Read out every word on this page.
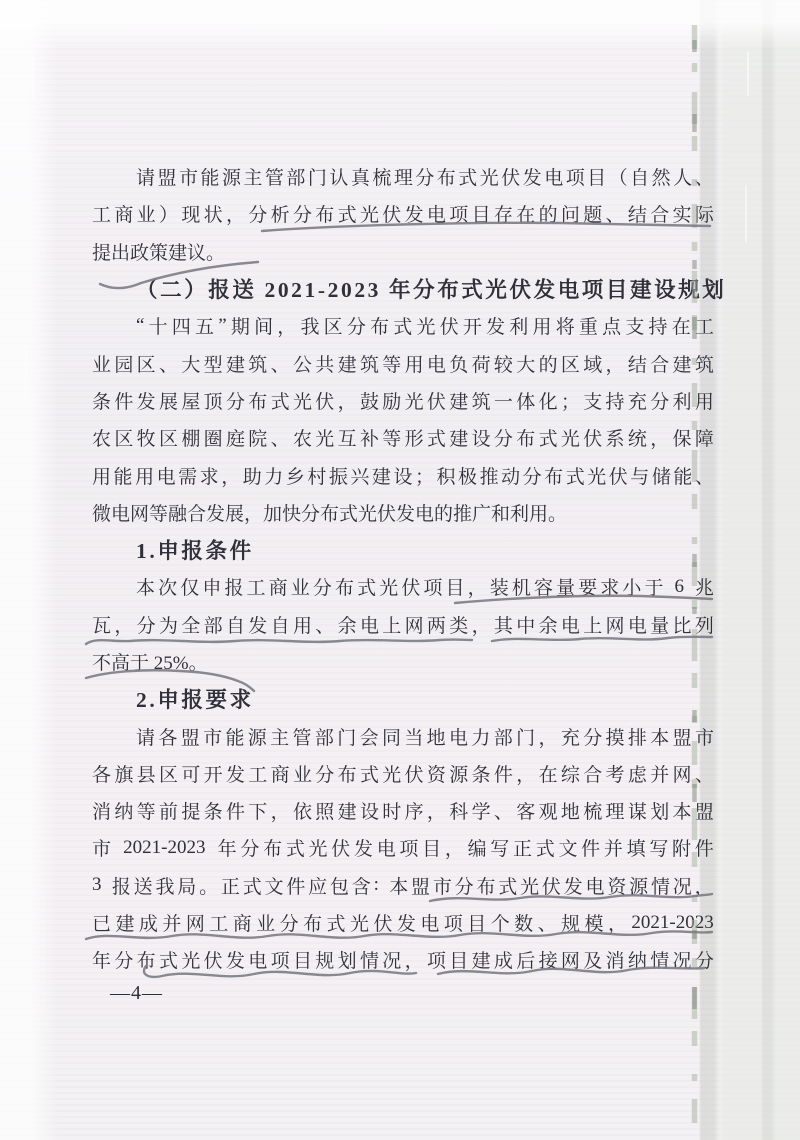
请 盟 市 能 源 主 管 部 门 认 真 梳 理 分 布 式 光 伏 发 电 项 目 （ 自 然 人 、
工 商 业 ） 现 状 ， 分 析 分 布 式 光 伏 发 电 项 目 存 在 的 问 题 、 结 合 实 际
提出政策建议。
（二）报送 2021-2023 年分布式光伏发电项目建设规划
“ 十 四 五 ” 期 间 ， 我 区 分 布 式 光 伏 开 发 利 用 将 重 点 支 持 在 工
业 园 区 、 大 型 建 筑 、 公 共 建 筑 等 用 电 负 荷 较 大 的 区 域 ， 结 合 建 筑
条 件 发 展 屋 顶 分 布 式 光 伏 ， 鼓 励 光 伏 建 筑 一 体 化 ； 支 持 充 分 利 用
农 区 牧 区 棚 圈 庭 院 、 农 光 互 补 等 形 式 建 设 分 布 式 光 伏 系 统 ， 保 障
用 能 用 电 需 求 ， 助 力 乡 村 振 兴 建 设 ； 积 极 推 动 分 布 式 光 伏 与 储 能 、
微电网等融合发展，加快分布式光伏发电的推广和利用。
1.申报条件
本 次 仅 申 报 工 商 业 分 布 式 光 伏 项 目 ， 装 机 容 量 要 求 小 于
6
兆
瓦 ， 分 为 全 部 自 发 自 用 、 余 电 上 网 两 类 ， 其 中 余 电 上 网 电 量 比 列
不高于 25%。
2.申报要求
请 各 盟 市 能 源 主 管 部 门 会 同 当 地 电 力 部 门 ， 充 分 摸 排 本 盟 市
各 旗 县 区 可 开 发 工 商 业 分 布 式 光 伏 资 源 条 件 ， 在 综 合 考 虑 并 网 、
消 纳 等 前 提 条 件 下 ， 依 照 建 设 时 序 ， 科 学 、 客 观 地 梳 理 谋 划 本 盟
市
2021-2023
年 分 布 式 光 伏 发 电 项 目 ， 编 写 正 式 文 件 并 填 写 附 件
3
报 送 我 局 。 正 式 文 件 应 包 含 :
本 盟 市 分 布 式 光 伏 发 电 资 源 情 况 ，
已 建 成 并 网 工 商 业 分 布 式 光 伏 发 电 项 目 个 数 、 规 模 ， 2021-2023
年 分 布 式 光 伏 发 电 项 目 规 划 情 况 ， 项 目 建 成 后 接 网 及 消 纳 情 况 分
—4—
